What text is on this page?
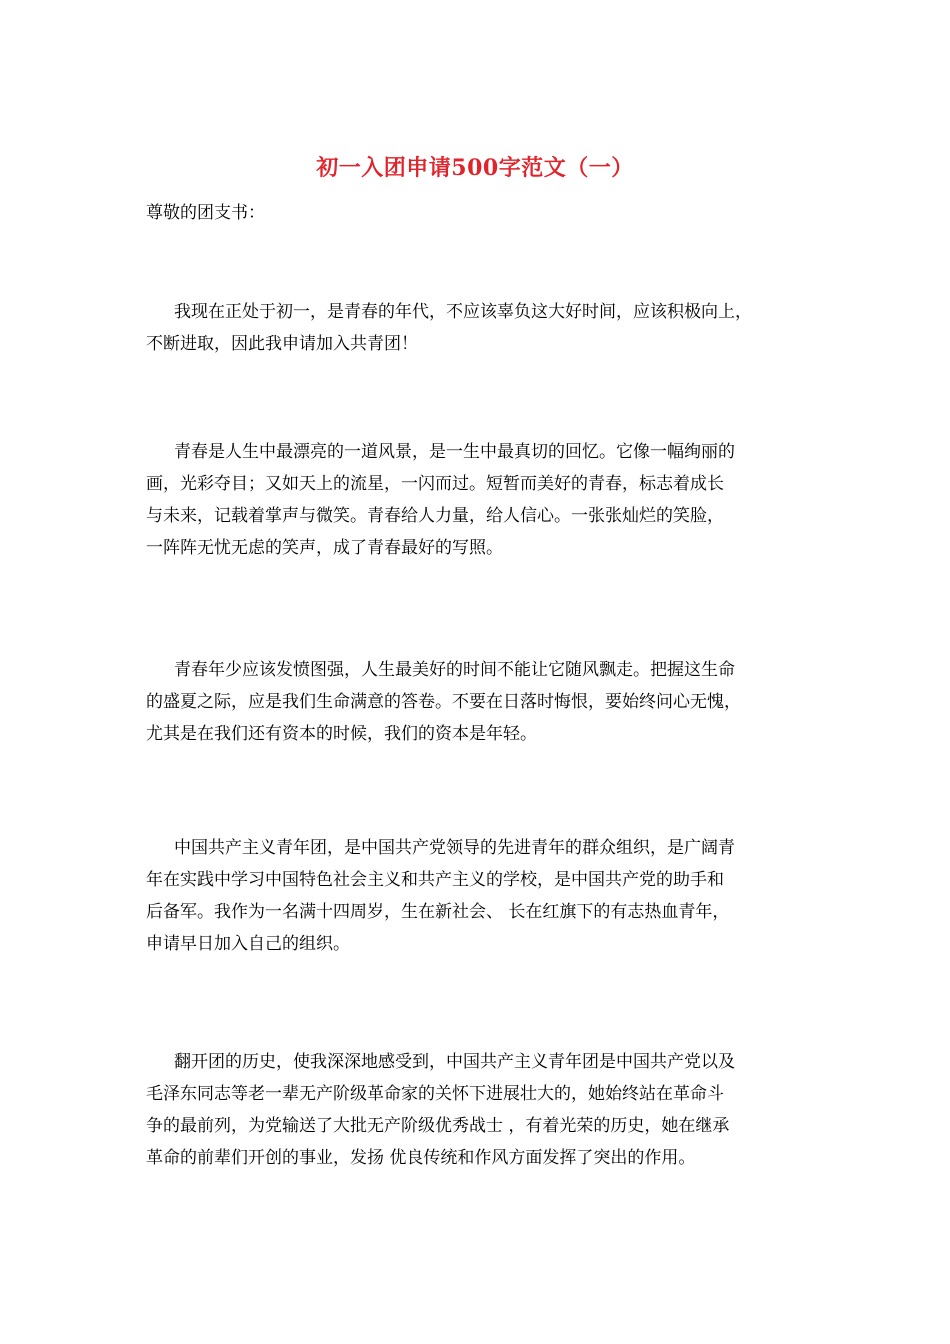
初一入团申请500字范文（一）
尊敬的团支书：
我现在正处于初一，是青春的年代，不应该辜负这大好时间，应该积极向上，
不断进取，因此我申请加入共青团！
青春是人生中最漂亮的一道风景，是一生中最真切的回忆。它像一幅绚丽的
画，光彩夺目；又如天上的流星，一闪而过。短暂而美好的青春，标志着成长
与未来，记载着掌声与微笑。青春给人力量，给人信心。一张张灿烂的笑脸，
一阵阵无忧无虑的笑声，成了青春最好的写照。
青春年少应该发愤图强，人生最美好的时间不能让它随风飘走。把握这生命
的盛夏之际，应是我们生命满意的答卷。不要在日落时悔恨，要始终问心无愧，
尤其是在我们还有资本的时候，我们的资本是年轻。
中国共产主义青年团，是中国共产党领导的先进青年的群众组织，是广阔青
年在实践中学习中国特色社会主义和共产主义的学校，是中国共产党的助手和
后备军。我作为一名满十四周岁，生在新社会、 长在红旗下的有志热血青年，
申请早日加入自己的组织。
翻开团的历史，使我深深地感受到，中国共产主义青年团是中国共产党以及
毛泽东同志等老一辈无产阶级革命家的关怀下进展壮大的，她始终站在革命斗
争的最前列，为党输送了大批无产阶级优秀战士 ，有着光荣的历史，她在继承
革命的前辈们开创的事业，发扬 优良传统和作风方面发挥了突出的作用。
